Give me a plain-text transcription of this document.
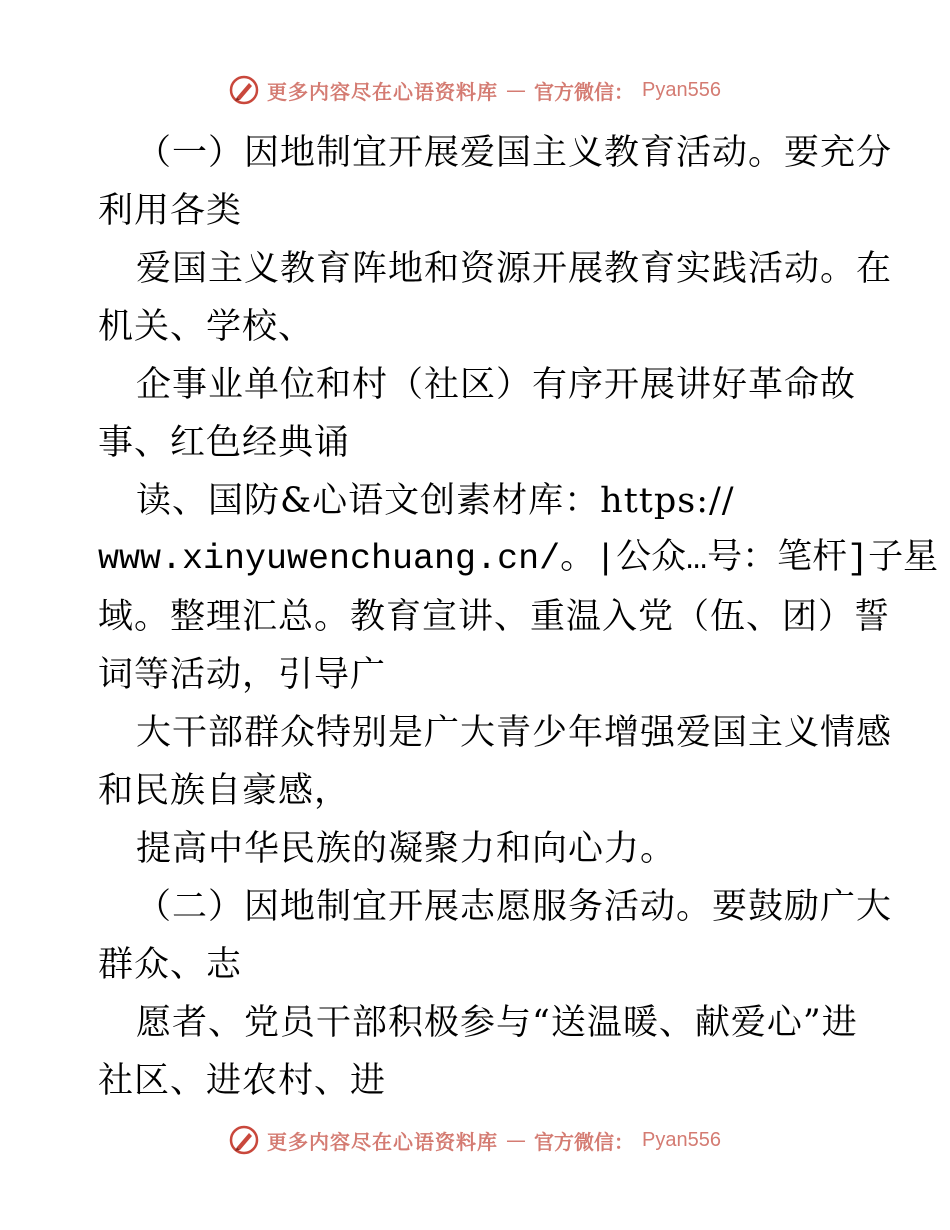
更多内容尽在心语资料库 — 官方微信： Pyan556
（一）因地制宜开展爱国主义教育活动。要充分
利用各类
爱国主义教育阵地和资源开展教育实践活动。在
机关、学校、
企事业单位和村（社区）有序开展讲好革命故
事、红色经典诵
读、国防&心语文创素材库：https://
www.xinyuwenchuang.cn/。|公众…号：笔杆]子星
域。整理汇总。教育宣讲、重温入党（伍、团）誓
词等活动，引导广
大干部群众特别是广大青少年增强爱国主义情感
和民族自豪感，
提高中华民族的凝聚力和向心力。
（二）因地制宜开展志愿服务活动。要鼓励广大
群众、志
愿者、党员干部积极参与“送温暖、献爱心”进
社区、进农村、进
更多内容尽在心语资料库 — 官方微信： Pyan556
